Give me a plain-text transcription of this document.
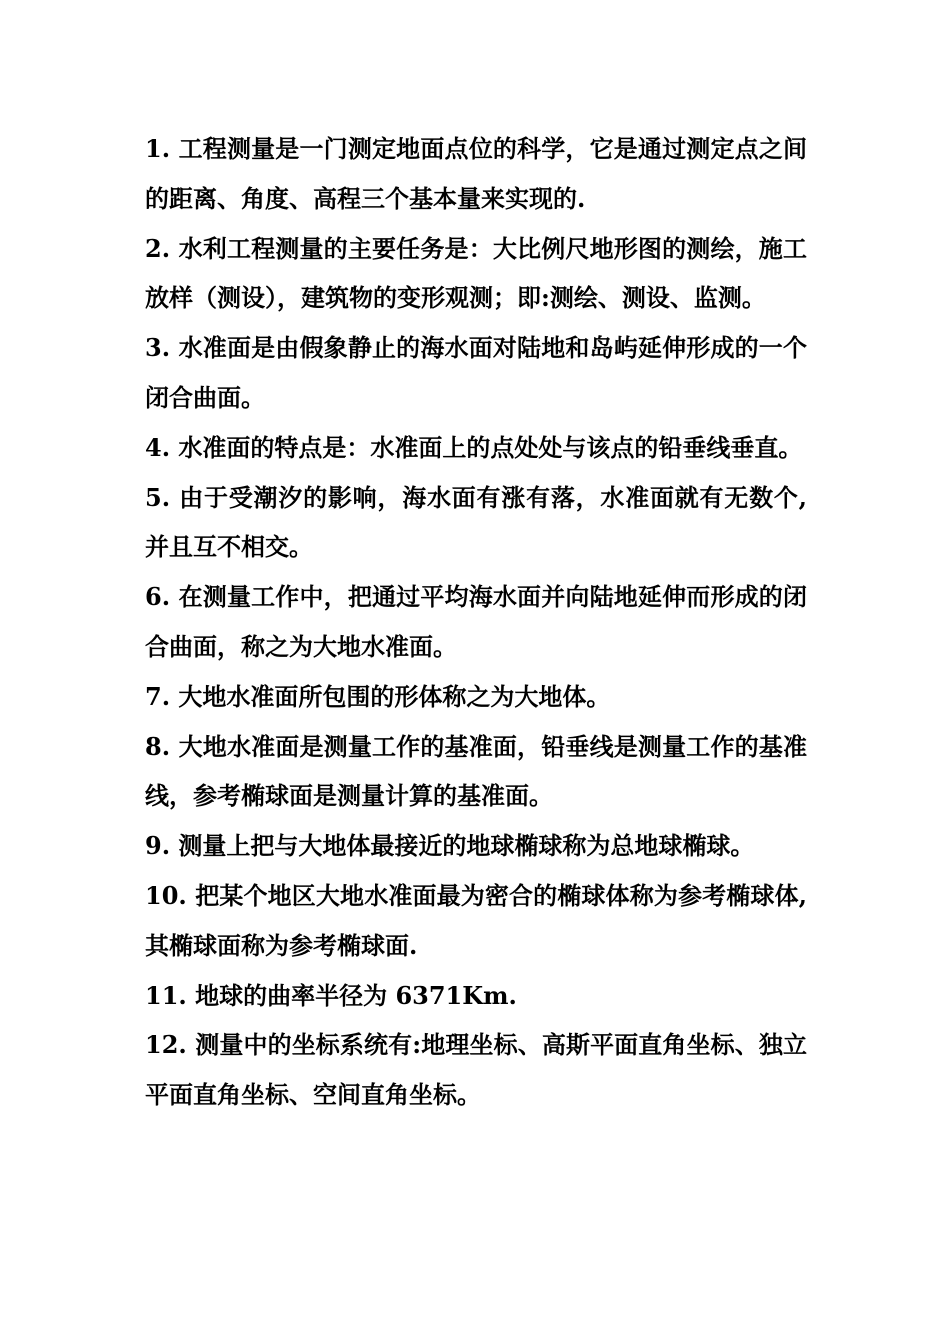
1. 工程测量是一门测定地面点位的科学，它是通过测定点之间的距离、角度、高程三个基本量来实现的.

2. 水利工程测量的主要任务是：大比例尺地形图的测绘，施工放样（测设），建筑物的变形观测；即:测绘、测设、监测。

3. 水准面是由假象静止的海水面对陆地和岛屿延伸形成的一个闭合曲面。

4. 水准面的特点是：水准面上的点处处与该点的铅垂线垂直。

5. 由于受潮汐的影响，海水面有涨有落，水准面就有无数个,并且互不相交。

6. 在测量工作中，把通过平均海水面并向陆地延伸而形成的闭合曲面，称之为大地水准面。

7. 大地水准面所包围的形体称之为大地体。

8. 大地水准面是测量工作的基准面，铅垂线是测量工作的基准线，参考椭球面是测量计算的基准面。

9. 测量上把与大地体最接近的地球椭球称为总地球椭球。

10. 把某个地区大地水准面最为密合的椭球体称为参考椭球体,其椭球面称为参考椭球面.

11. 地球的曲率半径为 6371Km.

12. 测量中的坐标系统有:地理坐标、高斯平面直角坐标、独立平面直角坐标、空间直角坐标。
